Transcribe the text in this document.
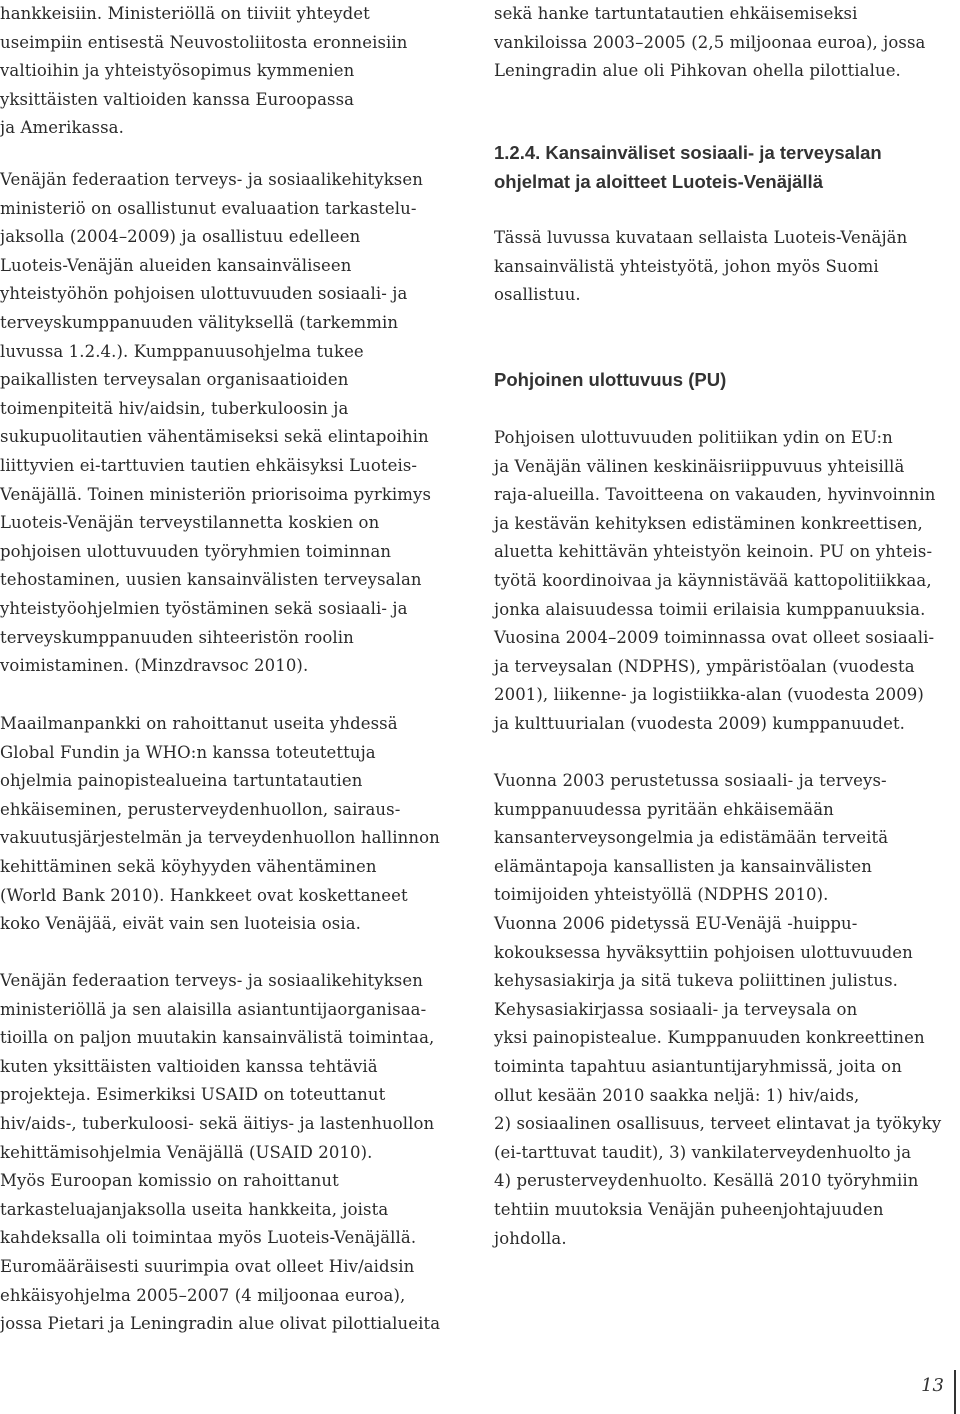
hankkeisiin. Ministeriöllä on tiiviit yhteydet
useimpiin entisestä Neuvostoliitosta eronneisiin
valtioihin ja yhteistyösopimus kymmenien
yksittäisten valtioiden kanssa Euroopassa
ja Amerikassa.
Venäjän federaation terveys- ja sosiaalikehityksen
ministeriö on osallistunut evaluaation tarkastelu-
jaksolla (2004–2009) ja osallistuu edelleen
Luoteis-Venäjän alueiden kansainväliseen
yhteistyöhön pohjoisen ulottuvuuden sosiaali- ja
terveyskumppanuuden välityksellä (tarkemmin
luvussa 1.2.4.). Kumppanuusohjelma tukee
paikallisten terveysalan organisaatioiden
toimenpiteitä hiv/aidsin, tuberkuloosin ja
sukupuolitautien vähentämiseksi sekä elintapoihin
liittyvien ei-tarttuvien tautien ehkäisyksi Luoteis-
Venäjällä. Toinen ministeriön priorisoima pyrkimys
Luoteis-Venäjän terveystilannetta koskien on
pohjoisen ulottuvuuden työryhmien toiminnan
tehostaminen, uusien kansainvälisten terveysalan
yhteistyöohjelmien työstäminen sekä sosiaali- ja
terveyskumppanuuden sihteeristön roolin
voimistaminen. (Minzdravsoc 2010).
Maailmanpankki on rahoittanut useita yhdessä
Global Fundin ja WHO:n kanssa toteutettuja
ohjelmia painopistealueina tartuntatautien
ehkäiseminen, perusterveydenhuollon, sairaus-
vakuutusjärjestelmän ja terveydenhuollon hallinnon
kehittäminen sekä köyhyyden vähentäminen
(World Bank 2010). Hankkeet ovat koskettaneet
koko Venäjää, eivät vain sen luoteisia osia.
Venäjän federaation terveys- ja sosiaalikehityksen
ministeriöllä ja sen alaisilla asiantuntijaorganisaa-
tioilla on paljon muutakin kansainvälistä toimintaa,
kuten yksittäisten valtioiden kanssa tehtäviä
projekteja. Esimerkiksi USAID on toteuttanut
hiv/aids-, tuberkuloosi- sekä äitiys- ja lastenhuollon
kehittämisohjelmia Venäjällä (USAID 2010).
Myös Euroopan komissio on rahoittanut
tarkasteluajanjaksolla useita hankkeita, joista
kahdeksalla oli toimintaa myös Luoteis-Venäjällä.
Euromääräisesti suurimpia ovat olleet Hiv/aidsin
ehkäisyohjelma 2005–2007 (4 miljoonaa euroa),
jossa Pietari ja Leningradin alue olivat pilottialueita
sekä hanke tartuntatautien ehkäisemiseksi
vankiloissa 2003–2005 (2,5 miljoonaa euroa), jossa
Leningradin alue oli Pihkovan ohella pilottialue.
1.2.4. Kansainväliset sosiaali- ja terveysalan
ohjelmat ja aloitteet Luoteis-Venäjällä
Tässä luvussa kuvataan sellaista Luoteis-Venäjän
kansainvälistä yhteistyötä, johon myös Suomi
osallistuu.
Pohjoinen ulottuvuus (PU)
Pohjoisen ulottuvuuden politiikan ydin on EU:n
ja Venäjän välinen keskinäisriippuvuus yhteisillä
raja-alueilla. Tavoitteena on vakauden, hyvinvoinnin
ja kestävän kehityksen edistäminen konkreettisen,
aluetta kehittävän yhteistyön keinoin. PU on yhteis-
työtä koordinoivaa ja käynnistävää kattopolitiikkaa,
jonka alaisuudessa toimii erilaisia kumppanuuksia.
Vuosina 2004–2009 toiminnassa ovat olleet sosiaali-
ja terveysalan (NDPHS), ympäristöalan (vuodesta
2001), liikenne- ja logistiikka-alan (vuodesta 2009)
ja kulttuurialan (vuodesta 2009) kumppanuudet.
Vuonna 2003 perustetussa sosiaali- ja terveys-
kumppanuudessa pyritään ehkäisemään
kansanterveysongelmia ja edistämään terveitä
elämäntapoja kansallisten ja kansainvälisten
toimijoiden yhteistyöllä (NDPHS 2010).
Vuonna 2006 pidetyssä EU-Venäjä -huippu-
kokouksessa hyväksyttiin pohjoisen ulottuvuuden
kehysasiakirja ja sitä tukeva poliittinen julistus.
Kehysasiakirjassa sosiaali- ja terveysala on
yksi painopistealue. Kumppanuuden konkreettinen
toiminta tapahtuu asiantuntijaryhmissä, joita on
ollut kesään 2010 saakka neljä: 1) hiv/aids,
2) sosiaalinen osallisuus, terveet elintavat ja työkyky
(ei-tarttuvat taudit), 3) vankilaterveydenhuolto ja
4) perusterveydenhuolto. Kesällä 2010 työryhmiin
tehtiin muutoksia Venäjän puheenjohtajuuden
johdolla.
13
